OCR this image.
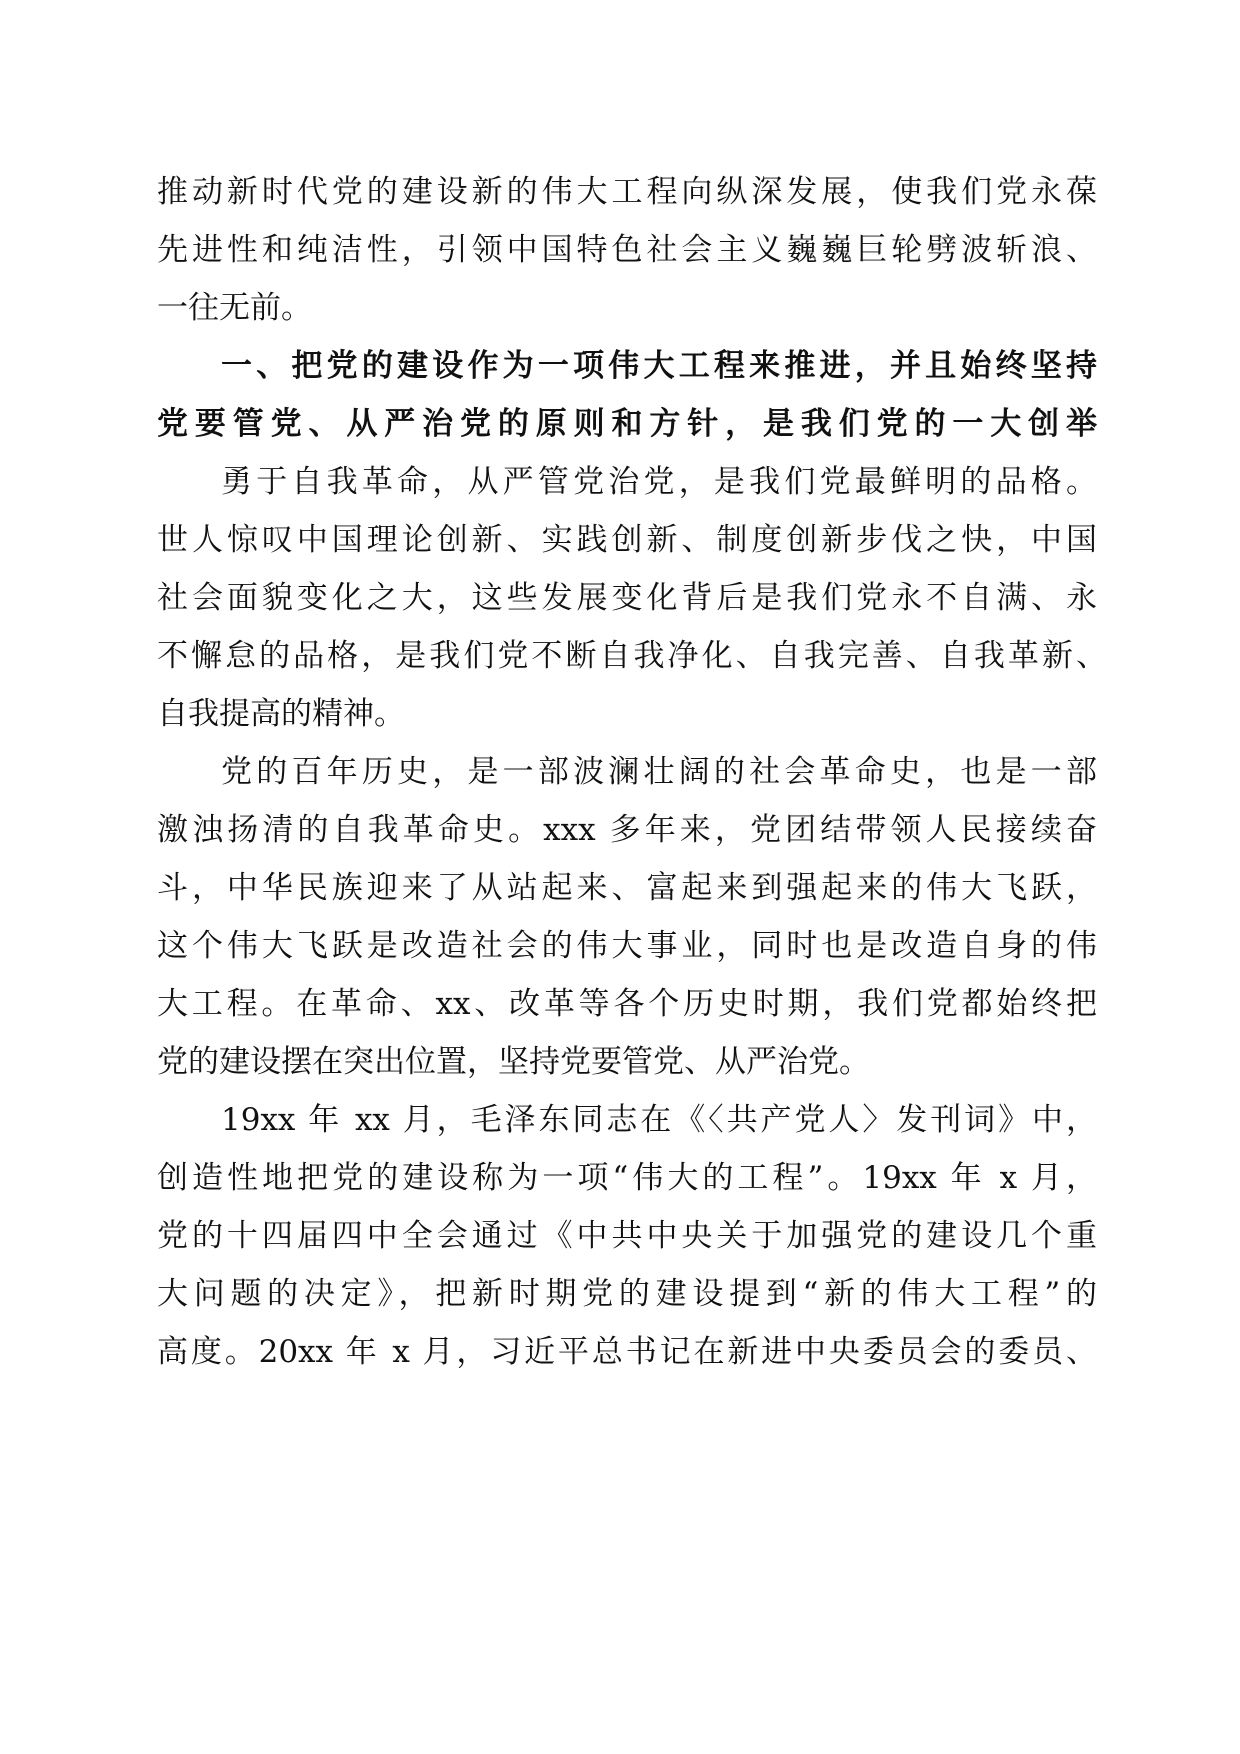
推动新时代党的建设新的伟大工程向纵深发展，使我们党永葆
先进性和纯洁性，引领中国特色社会主义巍巍巨轮劈波斩浪、
一往无前。
一、把党的建设作为一项伟大工程来推进，并且始终坚持
党要管党、从严治党的原则和方针，是我们党的一大创举
勇于自我革命，从严管党治党，是我们党最鲜明的品格。
世人惊叹中国理论创新、实践创新、制度创新步伐之快，中国
社会面貌变化之大，这些发展变化背后是我们党永不自满、永
不懈怠的品格，是我们党不断自我净化、自我完善、自我革新、
自我提高的精神。
党的百年历史，是一部波澜壮阔的社会革命史，也是一部
激浊扬清的自我革命史。xxx 多年来，党团结带领人民接续奋
斗，中华民族迎来了从站起来、富起来到强起来的伟大飞跃，
这个伟大飞跃是改造社会的伟大事业，同时也是改造自身的伟
大工程。在革命、xx、改革等各个历史时期，我们党都始终把
党的建设摆在突出位置，坚持党要管党、从严治党。
19xx 年 xx 月，毛泽东同志在《〈共产党人〉发刊词》中，
创造性地把党的建设称为一项“伟大的工程”。19xx 年 x 月，
党的十四届四中全会通过《中共中央关于加强党的建设几个重
大问题的决定》，把新时期党的建设提到“新的伟大工程”的
高度。20xx 年 x 月，习近平总书记在新进中央委员会的委员、
